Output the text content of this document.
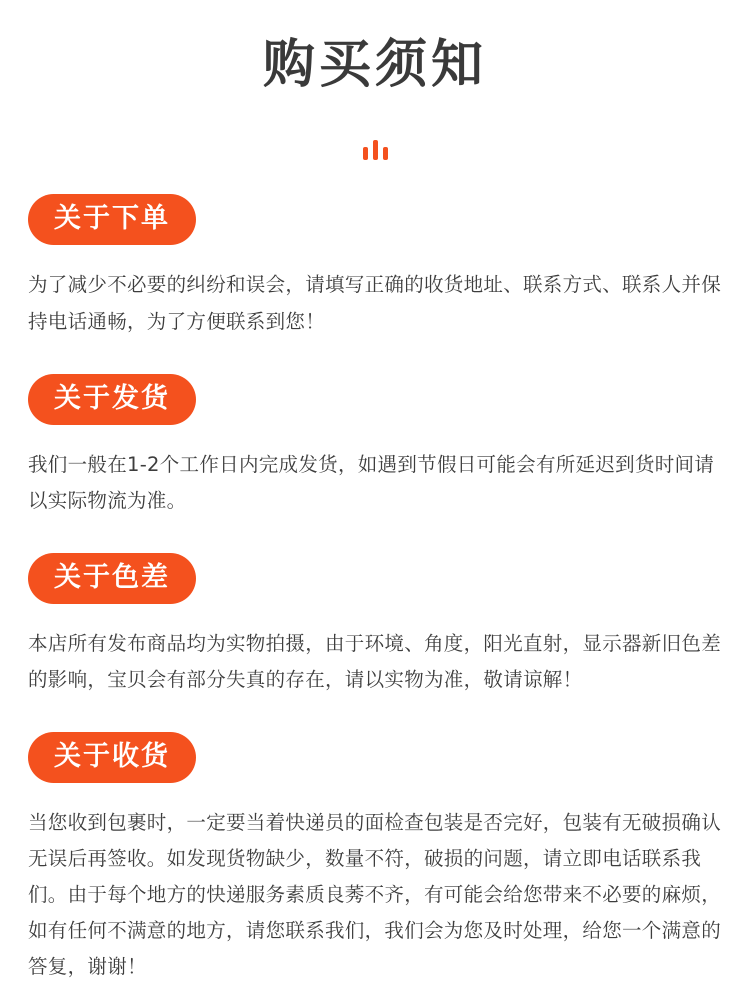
购买须知
关于下单

为了减少不必要的纠纷和误会，请填写正确的收货地址、联系方式、联系人并保持电话通畅，为了方便联系到您！

关于发货

我们一般在1-2个工作日内完成发货，如遇到节假日可能会有所延迟到货时间请以实际物流为准。

关于色差

本店所有发布商品均为实物拍摄，由于环境、角度，阳光直射，显示器新旧色差的影响，宝贝会有部分失真的存在，请以实物为准，敬请谅解！

关于收货

当您收到包裹时，一定要当着快递员的面检查包装是否完好，包装有无破损确认无误后再签收。如发现货物缺少，数量不符，破损的问题，请立即电话联系我们。由于每个地方的快递服务素质良莠不齐，有可能会给您带来不必要的麻烦，如有任何不满意的地方，请您联系我们，我们会为您及时处理，给您一个满意的答复，谢谢！
